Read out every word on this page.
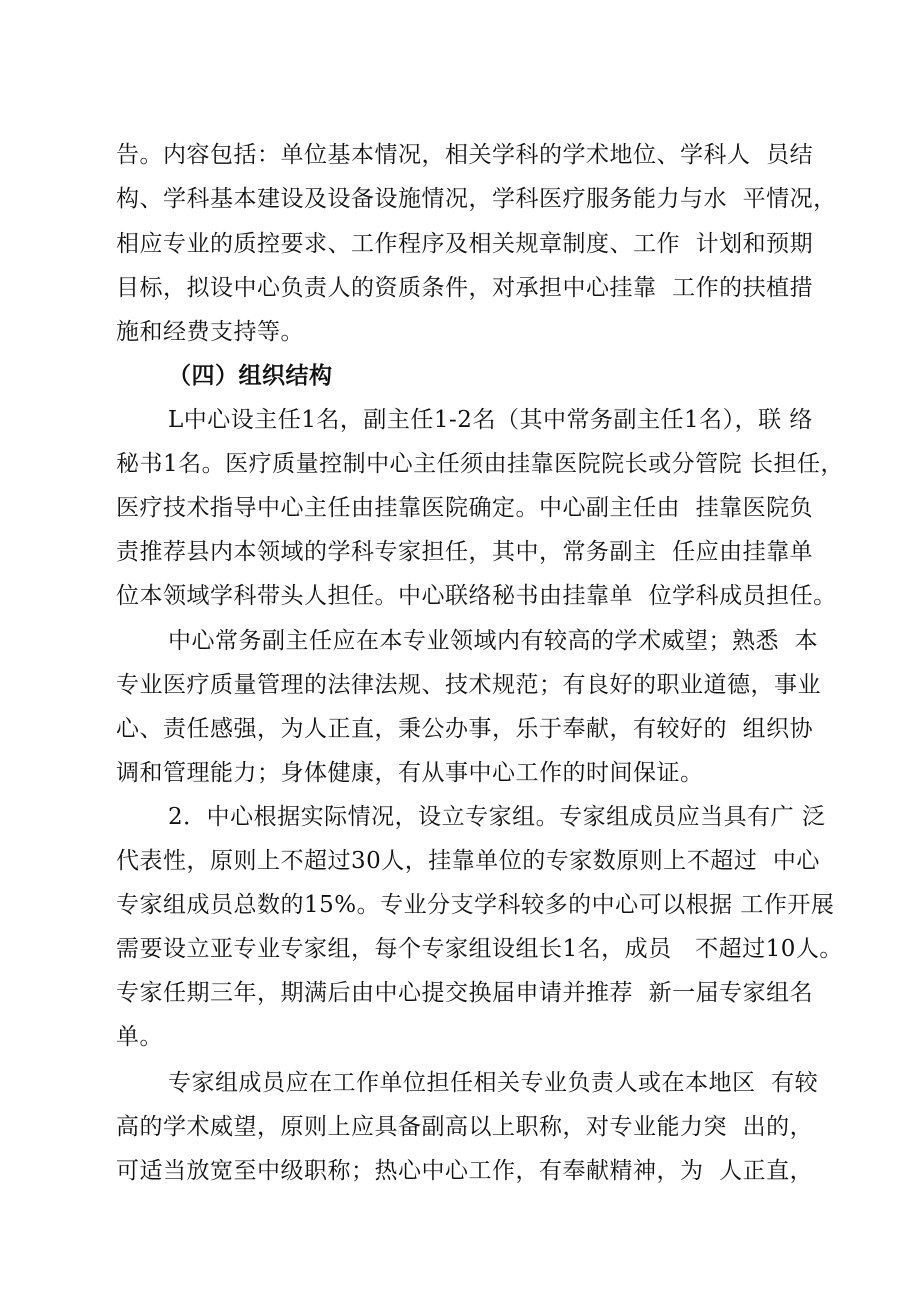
告。内容包括：单位基本情况，相关学科的学术地位、学科人  员结
构、学科基本建设及设备设施情况，学科医疗服务能力与水  平情况，
相应专业的质控要求、工作程序及相关规章制度、工作  计划和预期
目标，拟设中心负责人的资质条件，对承担中心挂靠  工作的扶植措
施和经费支持等。
（四）组织结构
L中心设主任1名，副主任1-2名（其中常务副主任1名），联 络
秘书1名。医疗质量控制中心主任须由挂靠医院院长或分管院 长担任，
医疗技术指导中心主任由挂靠医院确定。中心副主任由  挂靠医院负
责推荐县内本领域的学科专家担任，其中，常务副主  任应由挂靠单
位本领域学科带头人担任。中心联络秘书由挂靠单  位学科成员担任。
中心常务副主任应在本专业领域内有较高的学术威望；熟悉  本
专业医疗质量管理的法律法规、技术规范；有良好的职业道德，事业
心、责任感强，为人正直，秉公办事，乐于奉献，有较好的  组织协
调和管理能力；身体健康，有从事中心工作的时间保证。
2．中心根据实际情况，设立专家组。专家组成员应当具有广 泛
代表性，原则上不超过30人，挂靠单位的专家数原则上不超过  中心
专家组成员总数的15%。专业分支学科较多的中心可以根据 工作开展
需要设立亚专业专家组，每个专家组设组长1名，成员   不超过10人。
专家任期三年，期满后由中心提交换届申请并推荐  新一届专家组名
单。
专家组成员应在工作单位担任相关专业负责人或在本地区  有较
高的学术威望，原则上应具备副高以上职称，对专业能力突  出的，
可适当放宽至中级职称；热心中心工作，有奉献精神，为  人正直，
